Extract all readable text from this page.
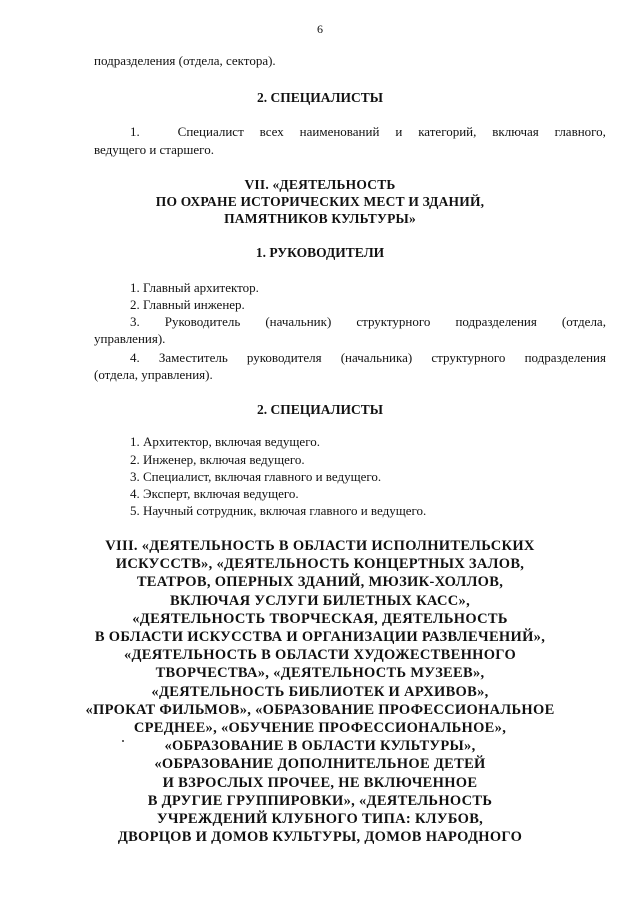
6
подразделения (отдела, сектора).
2. СПЕЦИАЛИСТЫ
1.	Специалист всех наименований и категорий, включая главного,
ведущего и старшего.
VII. «ДЕЯТЕЛЬНОСТЬ
ПО ОХРАНЕ ИСТОРИЧЕСКИХ МЕСТ И ЗДАНИЙ,
ПАМЯТНИКОВ КУЛЬТУРЫ»
1. РУКОВОДИТЕЛИ
1. Главный архитектор.
2. Главный инженер.
3. Руководитель (начальник) структурного подразделения (отдела,
управления).
4. Заместитель руководителя (начальника) структурного подразделения
(отдела, управления).
2. СПЕЦИАЛИСТЫ
1. Архитектор, включая ведущего.
2. Инженер, включая ведущего.
3. Специалист, включая главного и ведущего.
4. Эксперт, включая ведущего.
5. Научный сотрудник, включая главного и ведущего.
VIII. «ДЕЯТЕЛЬНОСТЬ В ОБЛАСТИ ИСПОЛНИТЕЛЬСКИХ
ИСКУССТВ», «ДЕЯТЕЛЬНОСТЬ КОНЦЕРТНЫХ ЗАЛОВ,
ТЕАТРОВ, ОПЕРНЫХ ЗДАНИЙ, МЮЗИК-ХОЛЛОВ,
ВКЛЮЧАЯ УСЛУГИ БИЛЕТНЫХ КАСС»,
«ДЕЯТЕЛЬНОСТЬ ТВОРЧЕСКАЯ, ДЕЯТЕЛЬНОСТЬ
В ОБЛАСТИ ИСКУССТВА И ОРГАНИЗАЦИИ РАЗВЛЕЧЕНИЙ»,
«ДЕЯТЕЛЬНОСТЬ В ОБЛАСТИ ХУДОЖЕСТВЕННОГО
ТВОРЧЕСТВА», «ДЕЯТЕЛЬНОСТЬ МУЗЕЕВ»,
«ДЕЯТЕЛЬНОСТЬ БИБЛИОТЕК И АРХИВОВ»,
«ПРОКАТ ФИЛЬМОВ», «ОБРАЗОВАНИЕ ПРОФЕССИОНАЛЬНОЕ
СРЕДНЕЕ», «ОБУЧЕНИЕ ПРОФЕССИОНАЛЬНОЕ»,
«ОБРАЗОВАНИЕ В ОБЛАСТИ КУЛЬТУРЫ»,
«ОБРАЗОВАНИЕ ДОПОЛНИТЕЛЬНОЕ ДЕТЕЙ
И ВЗРОСЛЫХ ПРОЧЕЕ, НЕ ВКЛЮЧЕННОЕ
В ДРУГИЕ ГРУППИРОВКИ», «ДЕЯТЕЛЬНОСТЬ
УЧРЕЖДЕНИЙ КЛУБНОГО ТИПА: КЛУБОВ,
ДВОРЦОВ И ДОМОВ КУЛЬТУРЫ, ДОМОВ НАРОДНОГО
